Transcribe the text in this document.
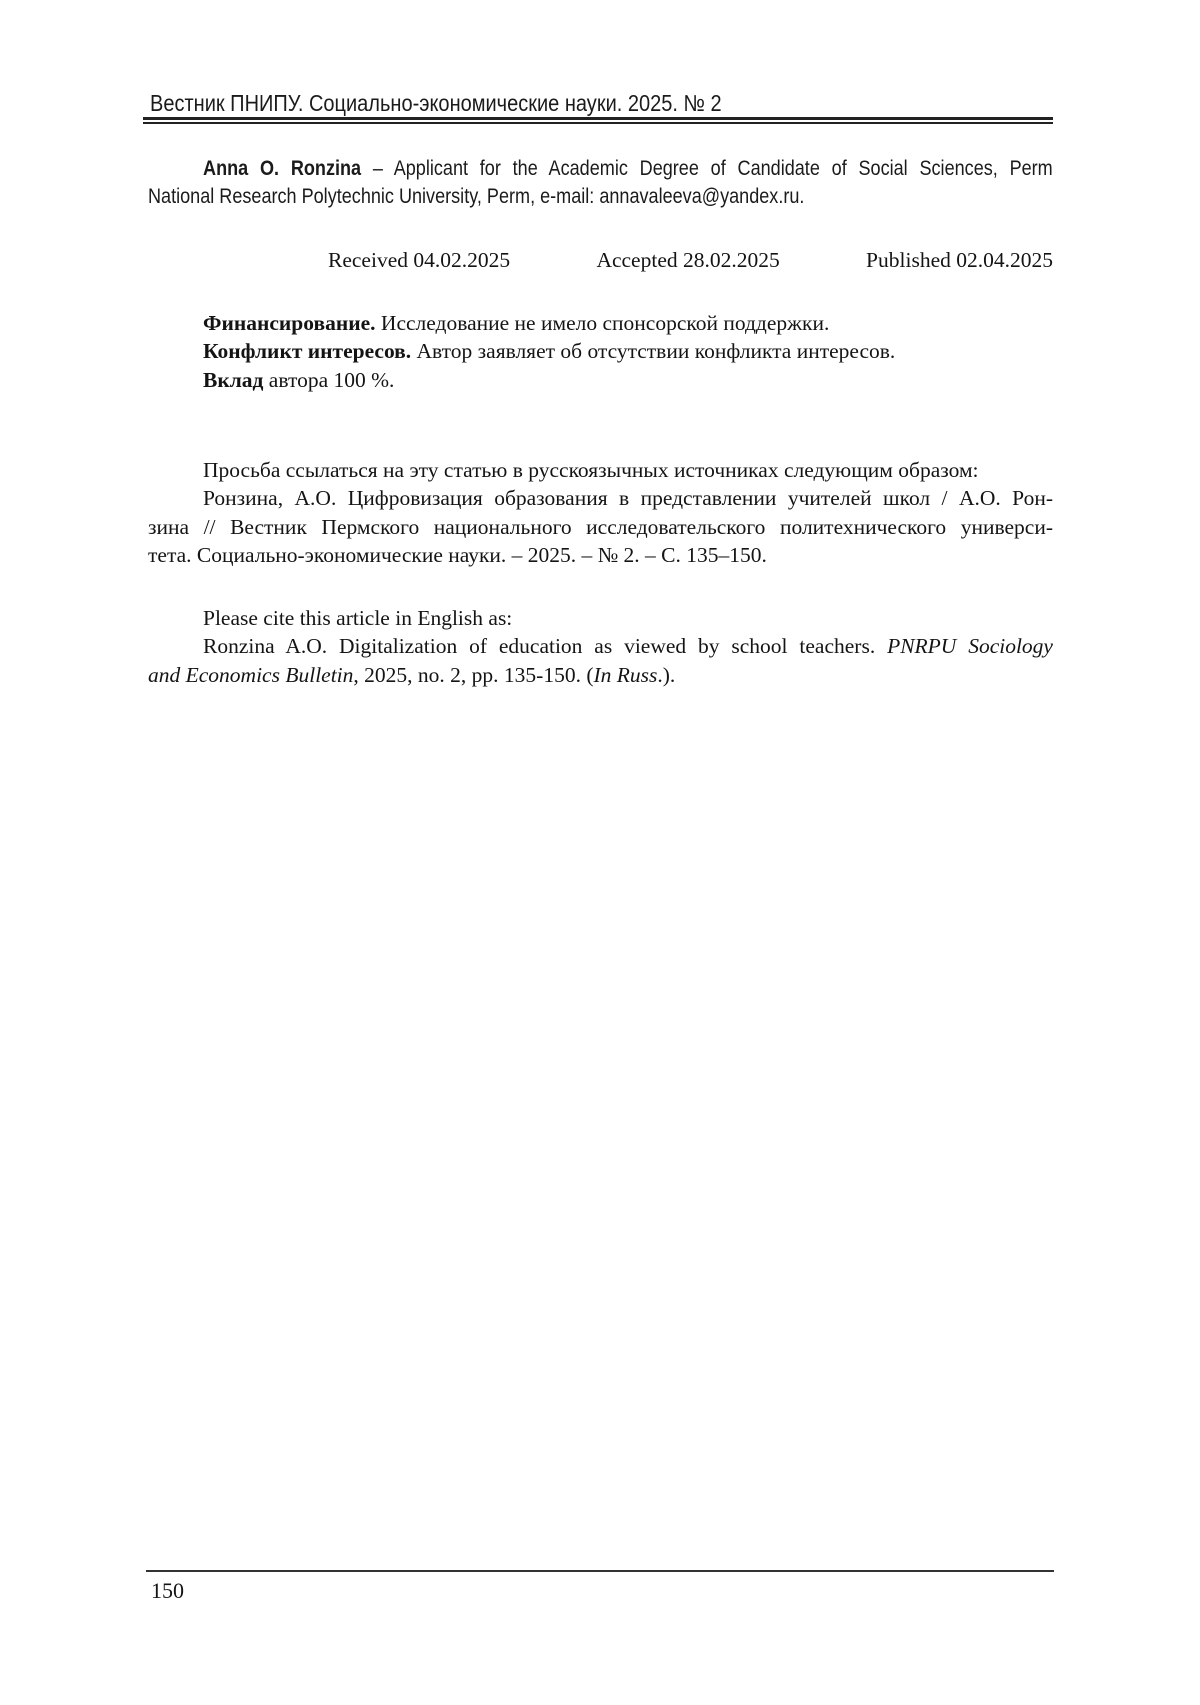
Вестник ПНИПУ. Социально-экономические науки. 2025. № 2
Anna O. Ronzina – Applicant for the Academic Degree of Candidate of Social Sciences, Perm
National Research Polytechnic University, Perm, e-mail: annavaleeva@yandex.ru.
Received 04.02.2025	Accepted 28.02.2025	Published 02.04.2025
Финансирование. Исследование не имело спонсорской поддержки.
Конфликт интересов. Автор заявляет об отсутствии конфликта интересов.
Вклад автора 100 %.
Просьба ссылаться на эту статью в русскоязычных источниках следующим образом:
Ронзина, А.О. Цифровизация образования в представлении учителей школ / А.О. Рон-
зина // Вестник Пермского национального исследовательского политехнического универси-
тета. Социально-экономические науки. – 2025. – № 2. – С. 135–150.
Please cite this article in English as:
Ronzina A.O. Digitalization of education as viewed by school teachers. PNRPU Sociology
and Economics Bulletin, 2025, no. 2, pp. 135-150. (In Russ.).
150
